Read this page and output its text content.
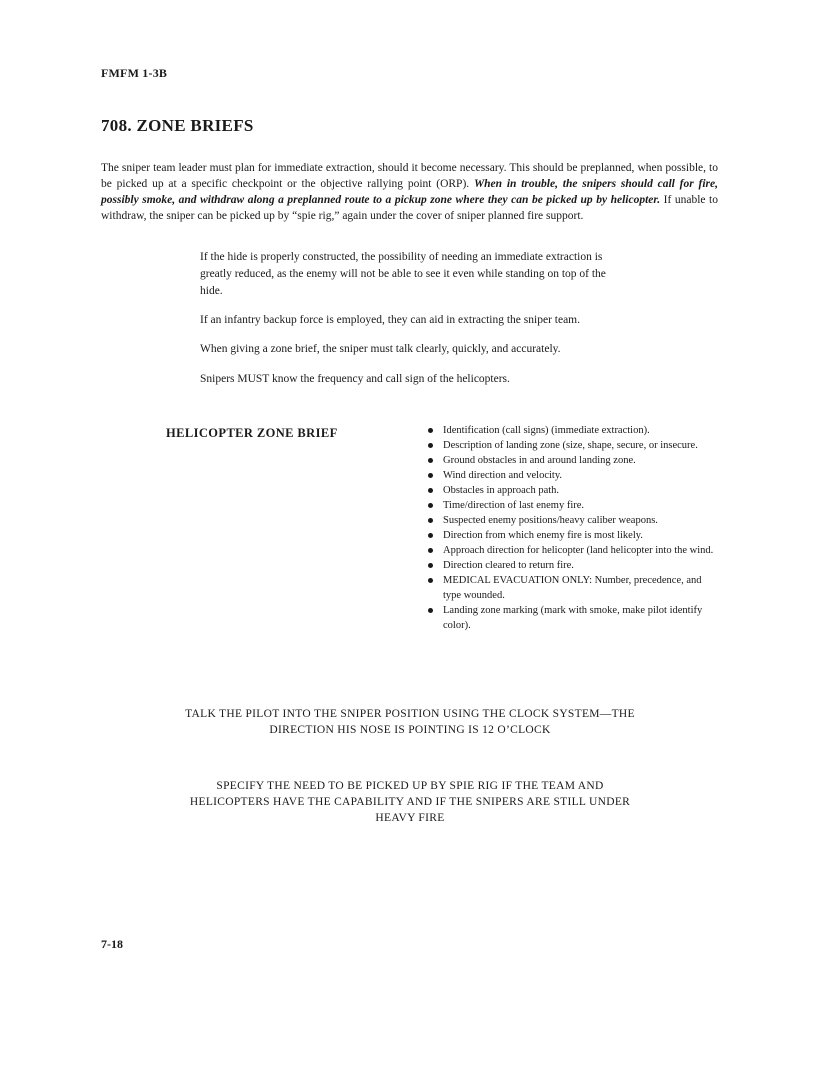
FMFM 1-3B
708. ZONE BRIEFS

The sniper team leader must plan for immediate extraction, should it become necessary. This should be preplanned, when possible, to be picked up at a specific checkpoint or the objective rallying point (ORP). When in trouble, the snipers should call for fire, possibly smoke, and withdraw along a preplanned route to a pickup zone where they can be picked up by helicopter. If unable to withdraw, the sniper can be picked up by “spie rig,” again under the cover of sniper planned fire support.

If the hide is properly constructed, the possibility of needing an immediate extraction is greatly reduced, as the enemy will not be able to see it even while standing on top of the hide.

If an infantry backup force is employed, they can aid in extracting the sniper team.

When giving a zone brief, the sniper must talk clearly, quickly, and accurately.

Snipers MUST know the frequency and call sign of the helicopters.

HELICOPTER ZONE BRIEF	Identification (call signs) (immediate extraction).
Description of landing zone (size, shape, secure, or insecure.
Ground obstacles in and around landing zone.
Wind direction and velocity.
Obstacles in approach path.
Time/direction of last enemy fire.
Suspected enemy positions/heavy caliber weapons.
Direction from which enemy fire is most likely.
Approach direction for helicopter (land helicopter into the wind.
Direction cleared to return fire.
MEDICAL EVACUATION ONLY: Number, precedence, and type wounded.
Landing zone marking (mark with smoke, make pilot identify color).

TALK THE PILOT INTO THE SNIPER POSITION USING THE CLOCK SYSTEM—THE DIRECTION HIS NOSE IS POINTING IS 12 O’CLOCK

SPECIFY THE NEED TO BE PICKED UP BY SPIE RIG IF THE TEAM AND HELICOPTERS HAVE THE CAPABILITY AND IF THE SNIPERS ARE STILL UNDER HEAVY FIRE

7-18
